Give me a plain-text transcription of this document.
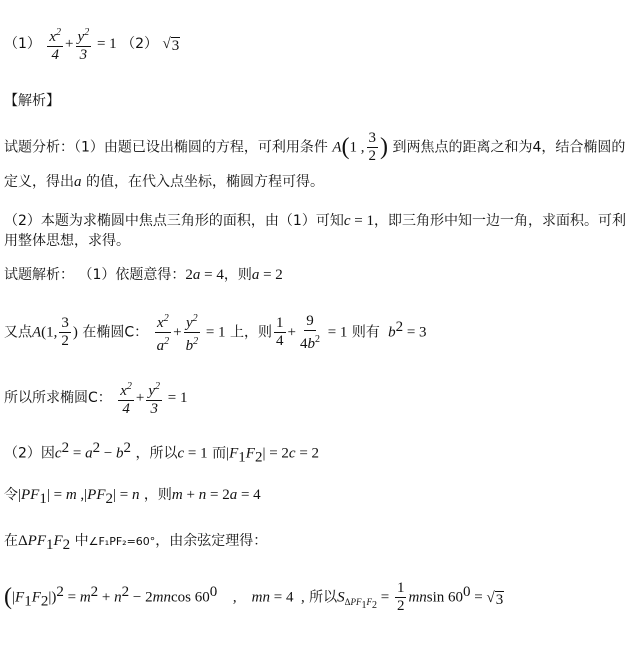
$(1) \frac{x^2}{4} + \frac{y^2}{3} = 1$ （2） √ 3
【解析】
试题分析：（1）由题已设出椭圆的方程，可利用条件 A(1 , $\frac{3}{2}$ ) 到两焦点的距离之和为4，结合椭圆的
定义，得出a 的值，在代入点坐标，椭圆方程可得。
（2）本题为求椭圆中焦点三角形的面积，由（1）可知c = 1，即三角形中知一边一角，求面积。可利
用整体思想，求得。
试题解析： （1）依题意得：2a = 4，则a = 2
又点A(1, $\frac{3}{2}$ ) 在椭圆C： $\frac{x^2}{a^2} + \frac{y^2}{b^2} = 1$ 上，则 $\frac{1}{4} + \frac{9}{4b^2} = 1$ 则有  $b^2 = 3$
所以所求椭圆C： $\frac{x^2}{4} + \frac{y^2}{3} = 1$
（2）因$c^2 = a^2 - b^2$ ，所以c = 1 而$|F_1F_2| = 2c = 2$
令$|PF_1| = m$ $,|PF_2| = n$ ，则m + n = 2a = 4
在$\Delta PF_1F_2$ 中∠F₁PF₂=60°，由余弦定理得：
$(|F_1F_2|)^2 = m^2 + n^2 - 2mncos$ $60^0$    ,    mn = 4  , 所以$S_{\Delta PF_1F_2} = \frac{1}{2}$ mnsin $60^0$ = √ 3
